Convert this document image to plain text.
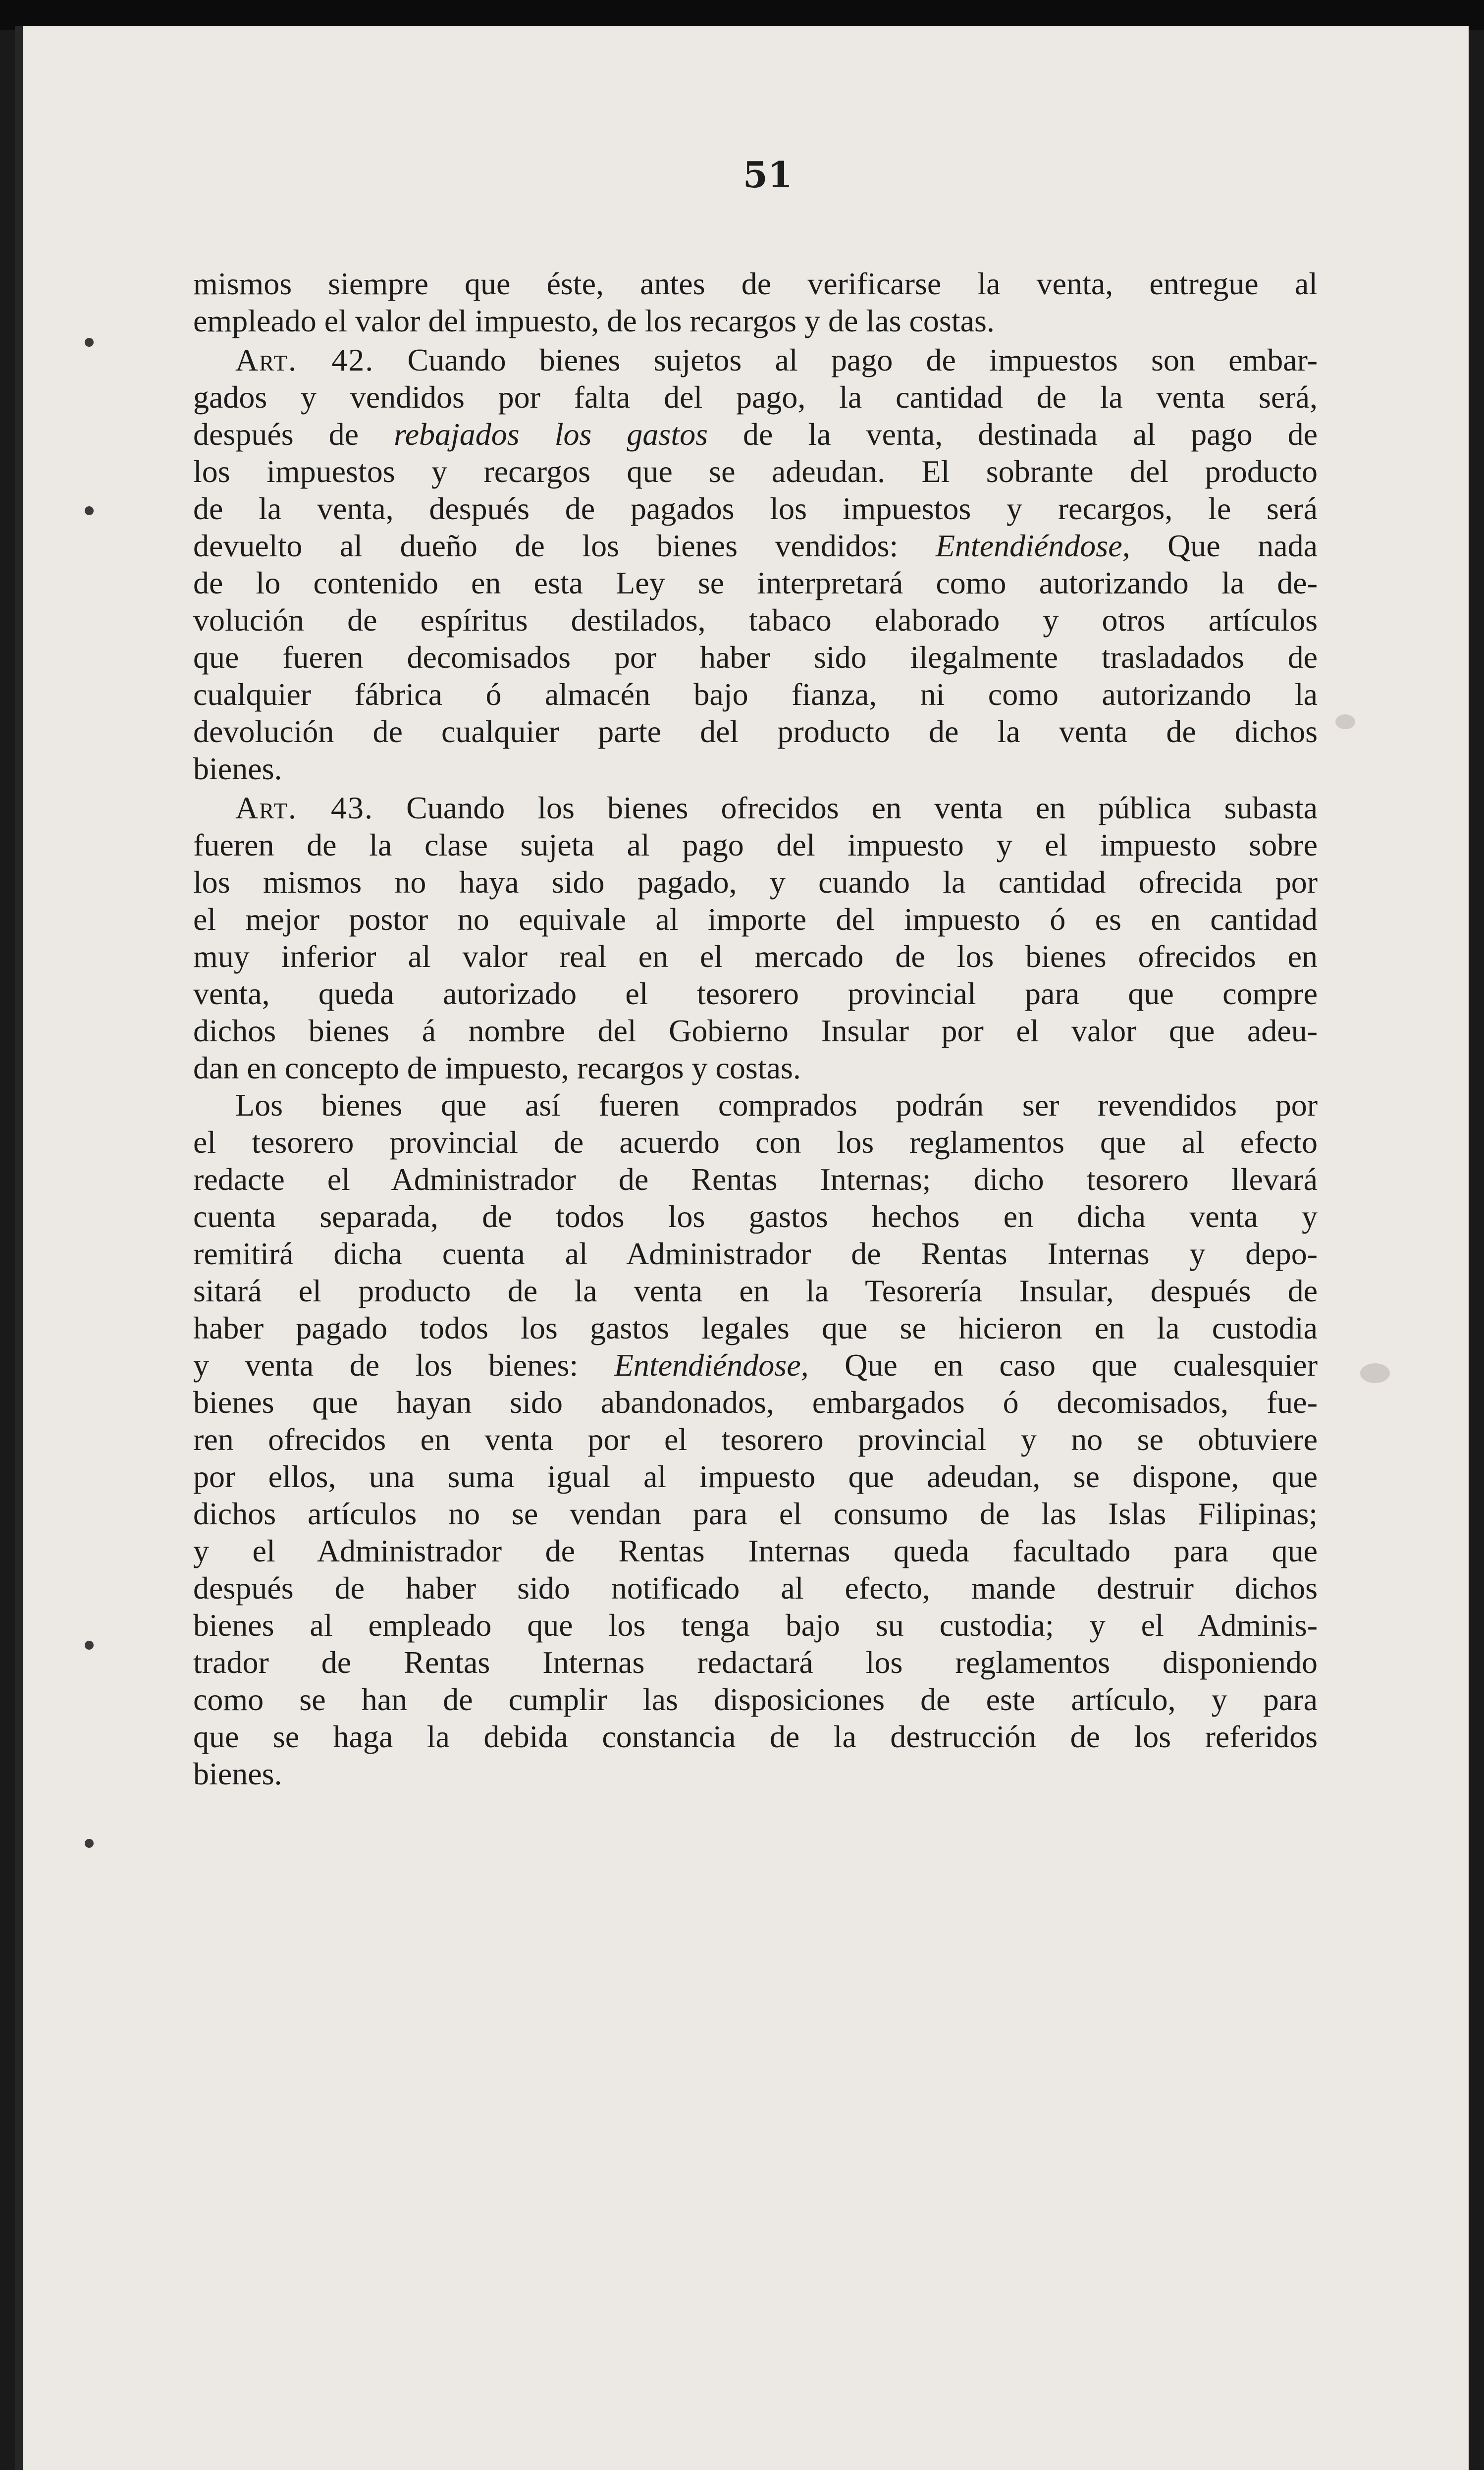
51
mismos siempre que éste, antes de verificarse la venta, entregue al
empleado el valor del impuesto, de los recargos y de las costas.
Art. 42. Cuando bienes sujetos al pago de impuestos son embar-
gados y vendidos por falta del pago, la cantidad de la venta será,
después de rebajados los gastos de la venta, destinada al pago de
los impuestos y recargos que se adeudan. El sobrante del producto
de la venta, después de pagados los impuestos y recargos, le será
devuelto al dueño de los bienes vendidos: Entendiéndose, Que nada
de lo contenido en esta Ley se interpretará como autorizando la de-
volución de espíritus destilados, tabaco elaborado y otros artículos
que fueren decomisados por haber sido ilegalmente trasladados de
cualquier fábrica ó almacén bajo fianza, ni como autorizando la
devolución de cualquier parte del producto de la venta de dichos
bienes.
Art. 43. Cuando los bienes ofrecidos en venta en pública subasta
fueren de la clase sujeta al pago del impuesto y el impuesto sobre
los mismos no haya sido pagado, y cuando la cantidad ofrecida por
el mejor postor no equivale al importe del impuesto ó es en cantidad
muy inferior al valor real en el mercado de los bienes ofrecidos en
venta, queda autorizado el tesorero provincial para que compre
dichos bienes á nombre del Gobierno Insular por el valor que adeu-
dan en concepto de impuesto, recargos y costas.
Los bienes que así fueren comprados podrán ser revendidos por
el tesorero provincial de acuerdo con los reglamentos que al efecto
redacte el Administrador de Rentas Internas; dicho tesorero llevará
cuenta separada, de todos los gastos hechos en dicha venta y
remitirá dicha cuenta al Administrador de Rentas Internas y depo-
sitará el producto de la venta en la Tesorería Insular, después de
haber pagado todos los gastos legales que se hicieron en la custodia
y venta de los bienes: Entendiéndose, Que en caso que cualesquier
bienes que hayan sido abandonados, embargados ó decomisados, fue-
ren ofrecidos en venta por el tesorero provincial y no se obtuviere
por ellos, una suma igual al impuesto que adeudan, se dispone, que
dichos artículos no se vendan para el consumo de las Islas Filipinas;
y el Administrador de Rentas Internas queda facultado para que
después de haber sido notificado al efecto, mande destruir dichos
bienes al empleado que los tenga bajo su custodia; y el Adminis-
trador de Rentas Internas redactará los reglamentos disponiendo
como se han de cumplir las disposiciones de este artículo, y para
que se haga la debida constancia de la destrucción de los referidos
bienes.
